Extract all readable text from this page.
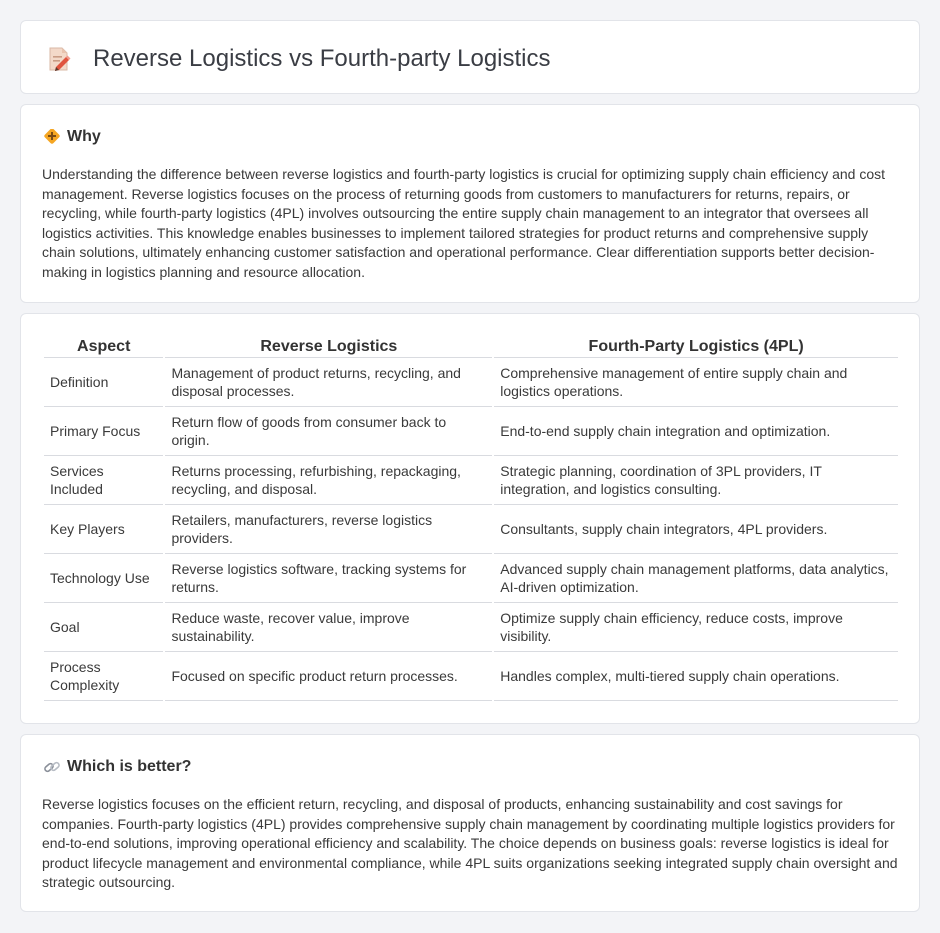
Reverse Logistics vs Fourth-party Logistics
Why

Understanding the difference between reverse logistics and fourth-party logistics is crucial for optimizing supply chain efficiency and cost management. Reverse logistics focuses on the process of returning goods from customers to manufacturers for returns, repairs, or recycling, while fourth-party logistics (4PL) involves outsourcing the entire supply chain management to an integrator that oversees all logistics activities. This knowledge enables businesses to implement tailored strategies for product returns and comprehensive supply chain solutions, ultimately enhancing customer satisfaction and operational performance. Clear differentiation supports better decision-making in logistics planning and resource allocation.

Aspect	Reverse Logistics	Fourth-Party Logistics (4PL)
Definition	Management of product returns, recycling, and disposal processes.	Comprehensive management of entire supply chain and logistics operations.
Primary Focus	Return flow of goods from consumer back to origin.	End-to-end supply chain integration and optimization.
Services Included	Returns processing, refurbishing, repackaging, recycling, and disposal.	Strategic planning, coordination of 3PL providers, IT integration, and logistics consulting.
Key Players	Retailers, manufacturers, reverse logistics providers.	Consultants, supply chain integrators, 4PL providers.
Technology Use	Reverse logistics software, tracking systems for returns.	Advanced supply chain management platforms, data analytics, AI-driven optimization.
Goal	Reduce waste, recover value, improve sustainability.	Optimize supply chain efficiency, reduce costs, improve visibility.
Process Complexity	Focused on specific product return processes.	Handles complex, multi-tiered supply chain operations.
Which is better?

Reverse logistics focuses on the efficient return, recycling, and disposal of products, enhancing sustainability and cost savings for companies. Fourth-party logistics (4PL) provides comprehensive supply chain management by coordinating multiple logistics providers for end-to-end solutions, improving operational efficiency and scalability. The choice depends on business goals: reverse logistics is ideal for product lifecycle management and environmental compliance, while 4PL suits organizations seeking integrated supply chain oversight and strategic outsourcing.
